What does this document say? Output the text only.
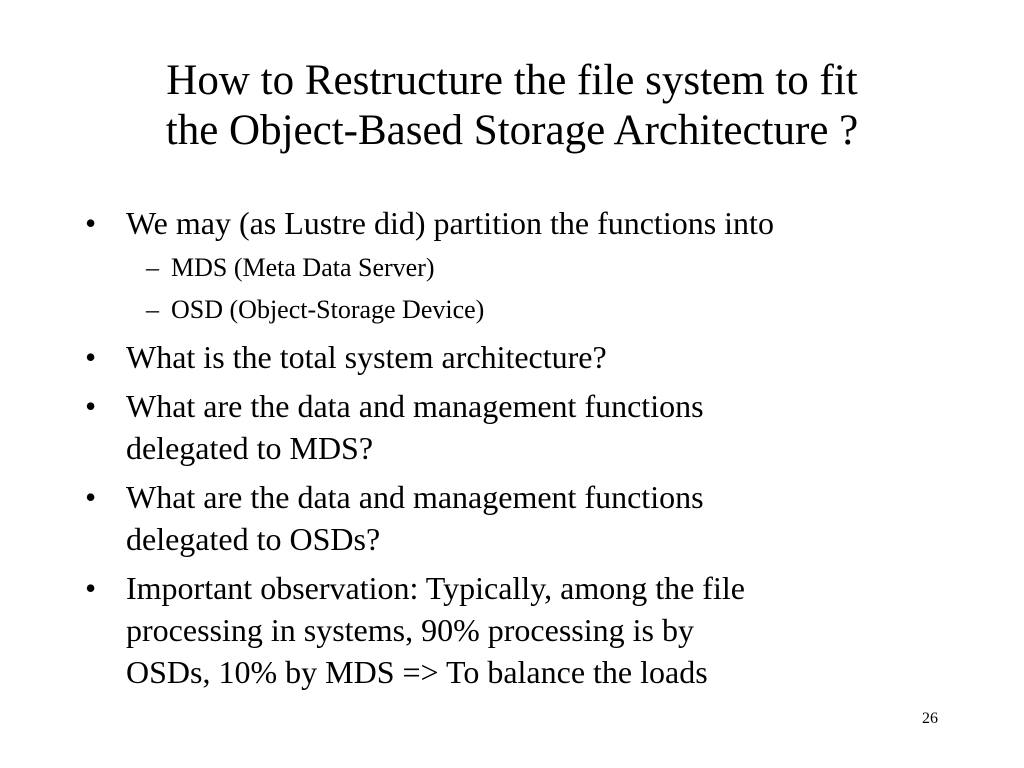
How to Restructure the file system to fit
the Object-Based Storage Architecture ?
• We may (as Lustre did) partition the functions into
– MDS (Meta Data Server)
– OSD (Object-Storage Device)
• What is the total system architecture?
• What are the data and management functions
delegated to MDS?
• What are the data and management functions
delegated to OSDs?
• Important observation: Typically, among the file
processing in systems, 90% processing is by
OSDs, 10% by MDS => To balance the loads
26
